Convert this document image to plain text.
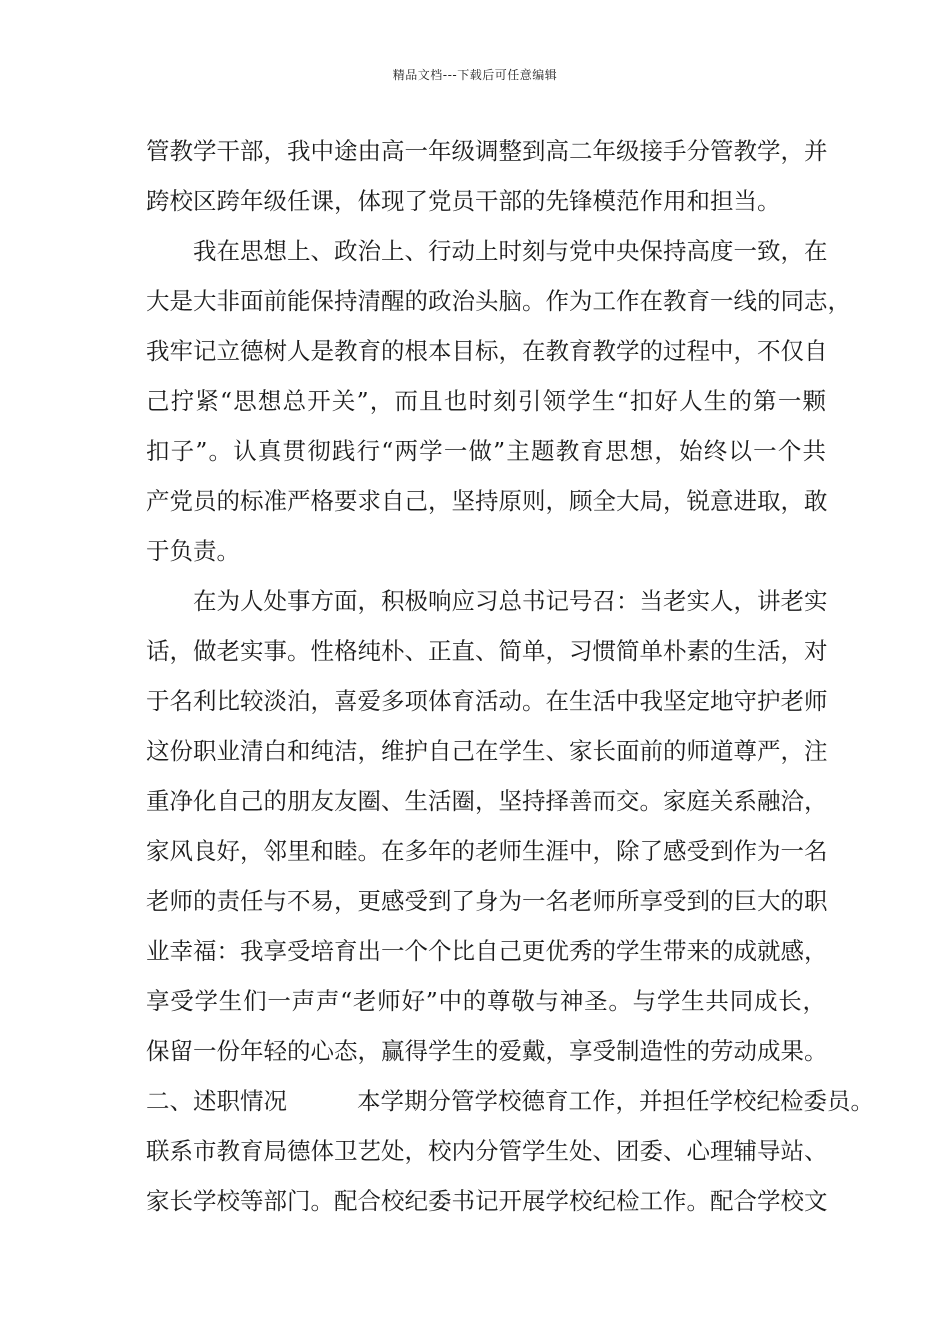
精品文档---下载后可任意编辑
管教学干部，我中途由高一年级调整到高二年级接手分管教学，并
跨校区跨年级任课，体现了党员干部的先锋模范作用和担当。
我在思想上、政治上、行动上时刻与党中央保持高度一致，在
大是大非面前能保持清醒的政治头脑。作为工作在教育一线的同志，
我牢记立德树人是教育的根本目标，在教育教学的过程中，不仅自
己拧紧“思想总开关”，而且也时刻引领学生“扣好人生的第一颗
扣子”。认真贯彻践行“两学一做”主题教育思想，始终以一个共
产党员的标准严格要求自己，坚持原则，顾全大局，锐意进取，敢
于负责。
在为人处事方面，积极响应习总书记号召：当老实人，讲老实
话，做老实事。性格纯朴、正直、简单，习惯简单朴素的生活，对
于名利比较淡泊，喜爱多项体育活动。在生活中我坚定地守护老师
这份职业清白和纯洁，维护自己在学生、家长面前的师道尊严，注
重净化自己的朋友友圈、生活圈，坚持择善而交。家庭关系融洽，
家风良好，邻里和睦。在多年的老师生涯中，除了感受到作为一名
老师的责任与不易，更感受到了身为一名老师所享受到的巨大的职
业幸福：我享受培育出一个个比自己更优秀的学生带来的成就感，
享受学生们一声声“老师好”中的尊敬与神圣。与学生共同成长，
保留一份年轻的心态，赢得学生的爱戴，享受制造性的劳动成果。
二、述职情况	本学期分管学校德育工作，并担任学校纪检委员。
联系市教育局德体卫艺处，校内分管学生处、团委、心理辅导站、
家长学校等部门。配合校纪委书记开展学校纪检工作。配合学校文
